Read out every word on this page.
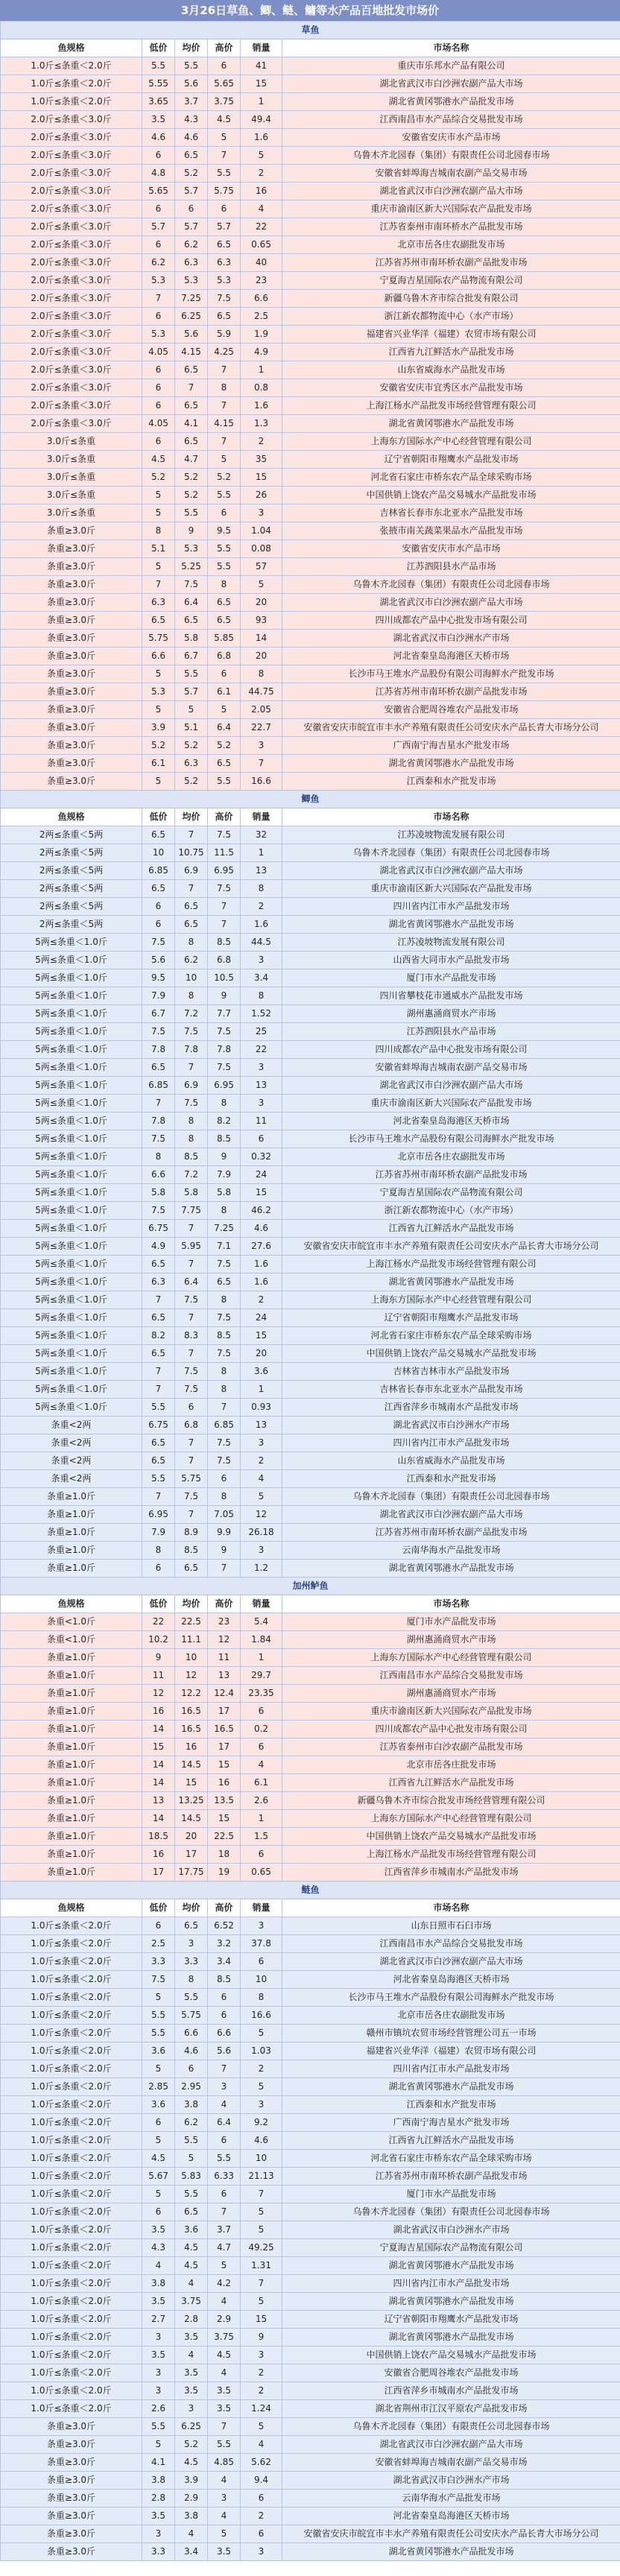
3月26日草鱼、鲫、鲢、鳙等水产品百地批发市场价
草鱼					
鱼规格	低价	均价	高价	销量	市场名称
1.0斤≤条重＜2.0斤	5.5	5.5	6	41	重庆市乐邦水产品有限公司
1.0斤≤条重＜2.0斤	5.55	5.6	5.65	15	湖北省武汉市白沙洲农副产品大市场
1.0斤≤条重＜2.0斤	3.65	3.7	3.75	1	湖北省黄冈鄂港水产品批发市场
2.0斤≤条重＜3.0斤	3.5	4.3	4.5	49.4	江西南昌市水产品综合交易批发市场
2.0斤≤条重＜3.0斤	4.6	4.6	5	1.6	安徽省安庆市水产品市场
2.0斤≤条重＜3.0斤	6	6.5	7	5	乌鲁木齐北园春（集团）有限责任公司北园春市场
2.0斤≤条重＜3.0斤	4.8	5.2	5.5	2	安徽省蚌埠海吉城南农副产品交易市场
2.0斤≤条重＜3.0斤	5.65	5.7	5.75	16	湖北省武汉市白沙洲农副产品大市场
2.0斤≤条重＜3.0斤	6	6	6	4	重庆市渝南区新大兴国际农产品批发市场
2.0斤≤条重＜3.0斤	5.7	5.7	5.7	22	江苏省泰州市南环桥水产品批发市场
2.0斤≤条重＜3.0斤	6	6.2	6.5	0.65	北京市岳各庄农副批发市场
2.0斤≤条重＜3.0斤	6.2	6.3	6.3	40	江苏省苏州市南环桥农副产品批发市场
2.0斤≤条重＜3.0斤	5.3	5.3	5.3	23	宁夏海吉星国际农产品物流有限公司
2.0斤≤条重＜3.0斤	7	7.25	7.5	6.6	新疆乌鲁木齐市综合批发有限公司
2.0斤≤条重＜3.0斤	6	6.25	6.5	2.5	浙江新农都物流中心（水产市场）
2.0斤≤条重＜3.0斤	5.3	5.6	5.9	1.9	福建省兴业华洋（福建）农贸市场有限公司
2.0斤≤条重＜3.0斤	4.05	4.15	4.25	4.9	江西省九江鲜活水产品批发市场
2.0斤≤条重＜3.0斤	6	6.5	7	1	山东省威海水产品批发市场
2.0斤≤条重＜3.0斤	6	7	8	0.8	安徽省安庆市宜秀区水产品批发市场
2.0斤≤条重＜3.0斤	6	6.5	7	1.6	上海江杨水产品批发市场经营管理有限公司
2.0斤≤条重＜3.0斤	4.05	4.1	4.15	1.3	湖北省黄冈鄂港水产品批发市场
3.0斤≤条重	6	6.5	7	2	上海东方国际水产中心经营管理有限公司
3.0斤≤条重	4.5	4.7	5	35	辽宁省朝阳市翔鹰水产品批发市场
3.0斤≤条重	5.2	5.2	5.2	15	河北省石家庄市桥东农产品全球采购市场
3.0斤≤条重	5	5.2	5.5	26	中国供销上饶农产品交易城水产品批发市场
3.0斤≤条重	5	5.5	6	3	吉林省长春市东北亚水产品批发市场
条重≥3.0斤	8	9	9.5	1.04	张掖市南关蔬菜果品水产品批发市场
条重≥3.0斤	5.1	5.3	5.5	0.08	安徽省安庆市水产品市场
条重≥3.0斤	5	5.25	5.5	57	江苏泗阳县水产品市场
条重≥3.0斤	7	7.5	8	5	乌鲁木齐北园春（集团）有限责任公司北园春市场
条重≥3.0斤	6.3	6.4	6.5	20	湖北省武汉市白沙洲农副产品大市场
条重≥3.0斤	6.5	6.5	6.5	93	四川成都农产品中心批发市场有限公司
条重≥3.0斤	5.75	5.8	5.85	14	湖北省武汉市白沙洲水产市场
条重≥3.0斤	6.6	6.7	6.8	20	河北省秦皇岛海港区天桥市场
条重≥3.0斤	5	5.5	6	8	长沙市马王堆水产品股份有限公司海鲜水产批发市场
条重≥3.0斤	5.3	5.7	6.1	44.75	江苏省苏州市南环桥农副产品批发市场
条重≥3.0斤	5	5	5	2.05	安徽省合肥周谷堆农产品批发市场
条重≥3.0斤	3.9	5.1	6.4	22.7	安徽省安庆市皖宜市丰水产养殖有限责任公司安庆水产品长青大市场分公司
条重≥3.0斤	5.2	5.2	5.2	3	广西南宁海吉星水产批发市场
条重≥3.0斤	6.1	6.3	6.5	7	湖北省黄冈鄂港水产品批发市场
条重≥3.0斤	5	5.2	5.5	16.6	江西泰和水产批发市场
鲫鱼					
鱼规格	低价	均价	高价	销量	市场名称
2两≤条重＜5两	6.5	7	7.5	32	江苏凌坡物流发展有限公司
2两≤条重＜5两	10	10.75	11.5	1	乌鲁木齐北园春（集团）有限责任公司北园春市场
2两≤条重＜5两	6.85	6.9	6.95	13	湖北省武汉市白沙洲农副产品大市场
2两≤条重＜5两	6.5	7	7.5	8	重庆市渝南区新大兴国际农产品批发市场
2两≤条重＜5两	6	6.5	7	2	四川省内江市水产品批发市场
2两≤条重＜5两	6	6.5	7	1.6	湖北省黄冈鄂港水产品批发市场
5两≤条重＜1.0斤	7.5	8	8.5	44.5	江苏凌坡物流发展有限公司
5两≤条重＜1.0斤	5.6	6.2	6.8	3	山西省大同市水产品批发市场
5两≤条重＜1.0斤	9.5	10	10.5	3.4	厦门市水产品批发市场
5两≤条重＜1.0斤	7.9	8	9	8	四川省攀枝花市通威水产品批发市场
5两≤条重＜1.0斤	6.7	7.2	7.7	1.52	湖州惠涌商贸水产市场
5两≤条重＜1.0斤	7.5	7.5	7.5	25	江苏泗阳县水产品市场
5两≤条重＜1.0斤	7.8	7.8	7.8	22	四川成都农产品中心批发市场有限公司
5两≤条重＜1.0斤	6.5	7	7.5	3	安徽省蚌埠海吉城南农副产品交易市场
5两≤条重＜1.0斤	6.85	6.9	6.95	13	湖北省武汉市白沙洲农副产品大市场
5两≤条重＜1.0斤	7	7.5	8	3	重庆市渝南区新大兴国际农产品批发市场
5两≤条重＜1.0斤	7.8	8	8.2	11	河北省秦皇岛海港区天桥市场
5两≤条重＜1.0斤	7.5	8	8.5	6	长沙市马王堆水产品股份有限公司海鲜水产批发市场
5两≤条重＜1.0斤	8	8.5	9	0.32	北京市岳各庄农副批发市场
5两≤条重＜1.0斤	6.6	7.2	7.9	24	江苏省苏州市南环桥农副产品批发市场
5两≤条重＜1.0斤	5.8	5.8	5.8	15	宁夏海吉星国际农产品物流有限公司
5两≤条重＜1.0斤	7.5	7.75	8	46.2	浙江新农都物流中心（水产市场）
5两≤条重＜1.0斤	6.75	7	7.25	4.6	江西省九江鲜活水产品批发市场
5两≤条重＜1.0斤	4.9	5.95	7.1	27.6	安徽省安庆市皖宜市丰水产养殖有限责任公司安庆水产品长青大市场分公司
5两≤条重＜1.0斤	6.5	7	7.5	1.6	上海江杨水产品批发市场经营管理有限公司
5两≤条重＜1.0斤	6.3	6.4	6.5	1.6	湖北省黄冈鄂港水产品批发市场
5两≤条重＜1.0斤	7	7.5	8	2	上海东方国际水产中心经营管理有限公司
5两≤条重＜1.0斤	6.5	7	7.5	24	辽宁省朝阳市翔鹰水产品批发市场
5两≤条重＜1.0斤	8.2	8.3	8.5	15	河北省石家庄市桥东农产品全球采购市场
5两≤条重＜1.0斤	6.5	7	7.5	20	中国供销上饶农产品交易城水产品批发市场
5两≤条重＜1.0斤	7	7.5	8	3.6	吉林省吉林市水产品批发市场
5两≤条重＜1.0斤	7	7.5	8	1	吉林省长春市东北亚水产品批发市场
5两≤条重＜1.0斤	5.5	6	7	0.93	江西省萍乡市城南水产品批发市场
条重<2两	6.75	6.8	6.85	13	湖北省武汉市白沙洲水产市场
条重<2两	6.5	7	7.5	3	四川省内江市水产品批发市场
条重<2两	6.5	7	7.5	2	山东省威海水产品批发市场
条重<2两	5.5	5.75	6	4	江西泰和水产批发市场
条重≥1.0斤	7	7.5	8	5	乌鲁木齐北园春（集团）有限责任公司北园春市场
条重≥1.0斤	6.95	7	7.05	12	湖北省武汉市白沙洲农副产品大市场
条重≥1.0斤	7.9	8.9	9.9	26.18	江苏省苏州市南环桥农副产品批发市场
条重≥1.0斤	8	8.5	9	3	云南华海水产品批发市场
条重≥1.0斤	6	6.5	7	1.2	湖北省黄冈鄂港水产品批发市场
加州鲈鱼					
鱼规格	低价	均价	高价	销量	市场名称
条重<1.0斤	22	22.5	23	5.4	厦门市水产品批发市场
条重<1.0斤	10.2	11.1	12	1.84	湖州惠涌商贸水产市场
条重≥1.0斤	9	10	11	1	上海东方国际水产中心经营管理有限公司
条重≥1.0斤	11	12	13	29.7	江西南昌市水产品综合交易批发市场
条重≥1.0斤	12	12.2	12.4	23.35	湖州惠涌商贸水产市场
条重≥1.0斤	16	16.5	17	6	重庆市渝南区新大兴国际农产品批发市场
条重≥1.0斤	14	16.5	16.5	0.2	四川成都农产品中心批发市场有限公司
条重≥1.0斤	15	16	17	6	江苏省泰州市白沙农副产品批发市场
条重≥1.0斤	14	14.5	15	4	北京市岳各庄批发市场
条重≥1.0斤	14	15	16	6.1	江西省九江鲜活水产品批发市场
条重≥1.0斤	13	13.25	13.5	2.6	新疆乌鲁木齐市综合批发市场经营管理有限公司
条重≥1.0斤	14	14.5	15	1	上海东方国际水产中心经营管理有限公司
条重≥1.0斤	18.5	20	22.5	1.5	中国供销上饶农产品交易城水产品批发市场
条重≥1.0斤	16	17	18	6	上海江杨水产品批发市场经营管理有限公司
条重≥1.0斤	17	17.75	19	0.65	江西省萍乡市城南水产品批发市场
鲢鱼					
鱼规格	低价	均价	高价	销量	市场名称
1.0斤≤条重＜2.0斤	6	6.5	6.52	3	山东日照市石臼市场
1.0斤≤条重＜2.0斤	2.5	3	3.2	37.8	江西南昌市水产品综合交易批发市场
1.0斤≤条重＜2.0斤	3.3	3.3	3.4	6	湖北省武汉市白沙洲农副产品大市场
1.0斤≤条重＜2.0斤	7.5	8	8.5	10	河北省秦皇岛海港区天桥市场
1.0斤≤条重＜2.0斤	5	5.5	6	8	长沙市马王堆水产品股份有限公司海鲜水产批发市场
1.0斤≤条重＜2.0斤	5.5	5.75	6	16.6	北京市岳各庄农副批发市场
1.0斤≤条重＜2.0斤	5.5	6.6	6.6	5	赣州市镇坑农贸市场经营管理公司五一市场
1.0斤≤条重＜2.0斤	3.6	4.6	5.6	1.03	福建省兴业华洋（福建）农贸市场有限公司
1.0斤≤条重＜2.0斤	5	6	7	2	四川省内江市水产品批发市场
1.0斤≤条重＜2.0斤	2.85	2.95	3	5	湖北省黄冈鄂港水产品批发市场
1.0斤≤条重＜2.0斤	3.6	3.8	4	3	江西泰和水产批发市场
1.0斤≤条重＜2.0斤	6	6.2	6.4	9.2	广西南宁海吉星水产批发市场
1.0斤≤条重＜2.0斤	5	5.5	6	4.6	江西省九江鲜活水产品批发市场
1.0斤≤条重＜2.0斤	4.5	5	5.5	10	河北省石家庄市桥东农产品全球采购市场
1.0斤≤条重＜2.0斤	5.67	5.83	6.33	21.13	江苏省苏州市南环桥农副产品批发市场
1.0斤≤条重＜2.0斤	5	5.5	6	7	厦门市水产品批发市场
1.0斤≤条重＜2.0斤	6	6.5	7	5	乌鲁木齐北园春（集团）有限责任公司北园春市场
1.0斤≤条重＜2.0斤	3.5	3.6	3.7	5	湖北省武汉市白沙洲水产市场
1.0斤≤条重＜2.0斤	4.3	4.5	4.7	49.25	宁夏海吉星国际农产品物流有限公司
1.0斤≤条重＜2.0斤	4	4.5	5	1.31	湖北省黄冈鄂港水产品批发市场
1.0斤≤条重＜2.0斤	3.8	4	4.2	7	四川省内江市水产品批发市场
1.0斤≤条重＜2.0斤	3.5	3.75	4	5	湖北省黄冈鄂港水产品批发市场
1.0斤≤条重＜2.0斤	2.7	2.8	2.9	15	辽宁省朝阳市翔鹰水产品批发市场
1.0斤≤条重＜2.0斤	3	3.5	3.75	9	湖北省黄冈鄂港水产品批发市场
1.0斤≤条重＜2.0斤	3.5	4	4.5	3	中国供销上饶农产品交易城水产品批发市场
1.0斤≤条重＜2.0斤	3	3.5	4	2	安徽省合肥周谷堆农产品批发市场
1.0斤≤条重＜2.0斤	3	3.5	3.5	2	江西省萍乡市城南水产品批发市场
1.0斤≤条重＜2.0斤	2.6	3	3.5	1.24	湖北省荆州市江汉平原农产品批发市场
条重≥3.0斤	5.5	6.25	7	5	乌鲁木齐北园春（集团）有限责任公司北园春市场
条重≥3.0斤	5	5.2	5.5	4	湖北省武汉市白沙洲农副产品大市场
条重≥3.0斤	4.1	4.5	4.85	5.62	安徽省蚌埠海吉城南农副产品交易市场
条重≥3.0斤	3.8	3.9	4	9.4	湖北省武汉市白沙洲水产市场
条重≥3.0斤	2.8	2.9	3	6	云南华海水产品批发市场
条重≥3.0斤	3.5	3.8	4	2	河北省秦皇岛海港区天桥市场
条重≥3.0斤	3	4	5	6	安徽省安庆市皖宜市丰水产养殖有限责任公司安庆水产品长青大市场分公司
条重≥3.0斤	3.3	3.4	3.5	3	湖北省黄冈鄂港水产品批发市场
